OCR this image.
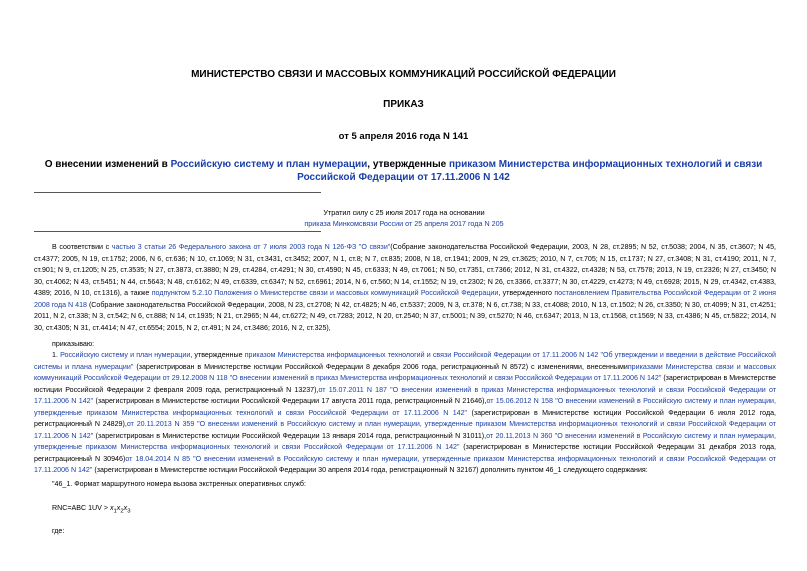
МИНИСТЕРСТВО СВЯЗИ И МАССОВЫХ КОММУНИКАЦИЙ РОССИЙСКОЙ ФЕДЕРАЦИИ
ПРИКАЗ
от 5 апреля 2016 года N 141
О внесении изменений в Российскую систему и план нумерации, утвержденные приказом Министерства информационных технологий и связи Российской Федерации от 17.11.2006 N 142
Утратил силу с 25 июля 2017 года на основании
приказа Минкомсвязи России от 25 апреля 2017 года N 205
В соответствии с частью 3 статьи 26 Федерального закона от 7 июля 2003 года N 126-ФЗ "О связи"(Собрание законодательства Российской Федерации, 2003, N 28, ст.2895; N 52, ст.5038; 2004, N 35, ст.3607; N 45, ст.4377; 2005, N 19, ст.1752; 2006, N 6, ст.636; N 10, ст.1069; N 31, ст.3431, ст.3452; 2007, N 1, ст.8; N 7, ст.835; 2008, N 18, ст.1941; 2009, N 29, ст.3625; 2010, N 7, ст.705; N 15, ст.1737; N 27, ст.3408; N 31, ст.4190; 2011, N 7, ст.901; N 9, ст.1205; N 25, ст.3535; N 27, ст.3873, ст.3880; N 29, ст.4284, ст.4291; N 30, ст.4590; N 45, ст.6333; N 49, ст.7061; N 50, ст.7351, ст.7366; 2012, N 31, ст.4322, ст.4328; N 53, ст.7578; 2013, N 19, ст.2326; N 27, ст.3450; N 30, ст.4062; N 43, ст.5451; N 44, ст.5643; N 48, ст.6162; N 49, ст.6339, ст.6347; N 52, ст.6961; 2014, N 6, ст.560; N 14, ст.1552; N 19, ст.2302; N 26, ст.3366, ст.3377; N 30, ст.4229, ст.4273; N 49, ст.6928; 2015, N 29, ст.4342, ст.4383, 4389; 2016, N 10, ст.1316), а также подпунктом 5.2.10 Положения о Министерстве связи и массовых коммуникаций Российской Федерации, утвержденного постановлением Правительства Российской Федерации от 2 июня 2008 года N 418 (Собрание законодательства Российской Федерации, 2008, N 23, ст.2708; N 42, ст.4825; N 46, ст.5337; 2009, N 3, ст.378; N 6, ст.738; N 33, ст.4088; 2010, N 13, ст.1502; N 26, ст.3350; N 30, ст.4099; N 31, ст.4251; 2011, N 2, ст.338; N 3, ст.542; N 6, ст.888; N 14, ст.1935; N 21, ст.2965; N 44, ст.6272; N 49, ст.7283; 2012, N 20, ст.2540; N 37, ст.5001; N 39, ст.5270; N 46, ст.6347; 2013, N 13, ст.1568, ст.1569; N 33, ст.4386; N 45, ст.5822; 2014, N 30, ст.4305; N 31, ст.4414; N 47, ст.6554; 2015, N 2, ст.491; N 24, ст.3486; 2016, N 2, ст.325),
приказываю:
1. Российскую систему и план нумерации, утвержденные приказом Министерства информационных технологий и связи Российской Федерации от 17.11.2006 N 142 "Об утверждении и введении в действие Российской системы и плана нумерации" (зарегистрирован в Министерстве юстиции Российской Федерации 8 декабря 2006 года, регистрационный N 8572) с изменениями, внесеннымиприказами Министерства связи и массовых коммуникаций Российской Федерации от 29.12.2008 N 118 "О внесении изменений в приказ Министерства информационных технологий и связи Российской Федерации от 17.11.2006 N 142" (зарегистрирован в Министерстве юстиции Российской Федерации 2 февраля 2009 года, регистрационный N 13237),от 15.07.2011 N 187 "О внесении изменений в приказ Министерства информационных технологий и связи Российской Федерации от 17.11.2006 N 142" (зарегистрирован в Министерстве юстиции Российской Федерации 17 августа 2011 года, регистрационный N 21646),от 15.06.2012 N 158 "О внесении изменений в Российскую систему и план нумерации, утвержденные приказом Министерства информационных технологий и связи Российской Федерации от 17.11.2006 N 142" (зарегистрирован в Министерстве юстиции Российской Федерации 6 июля 2012 года, регистрационный N 24829),от 20.11.2013 N 359 "О внесении изменений в Российскую систему и план нумерации, утвержденные приказом Министерства информационных технологий и связи Российской Федерации от 17.11.2006 N 142" (зарегистрирован в Министерстве юстиции Российской Федерации 13 января 2014 года, регистрационный N 31011),от 20.11.2013 N 360 "О внесении изменений в Российскую систему и план нумерации, утвержденные приказом Министерства информационных технологий и связи Российской Федерации от 17.11.2006 N 142" (зарегистрирован в Министерстве юстиции Российской Федерации 31 декабря 2013 года, регистрационный N 30946)от 18.04.2014 N 85 "О внесении изменений в Российскую систему и план нумерации, утвержденные приказом Министерства информационных технологий и связи Российской Федерации от 17.11.2006 N 142" (зарегистрирован в Министерстве юстиции Российской Федерации 30 апреля 2014 года, регистрационный N 32167) дополнить пунктом 46_1 следующего содержания:
"46_1. Формат маршрутного номера вызова экстренных оперативных служб:
RNC=ABC $1UV > x_1x_2x_3$
где:
